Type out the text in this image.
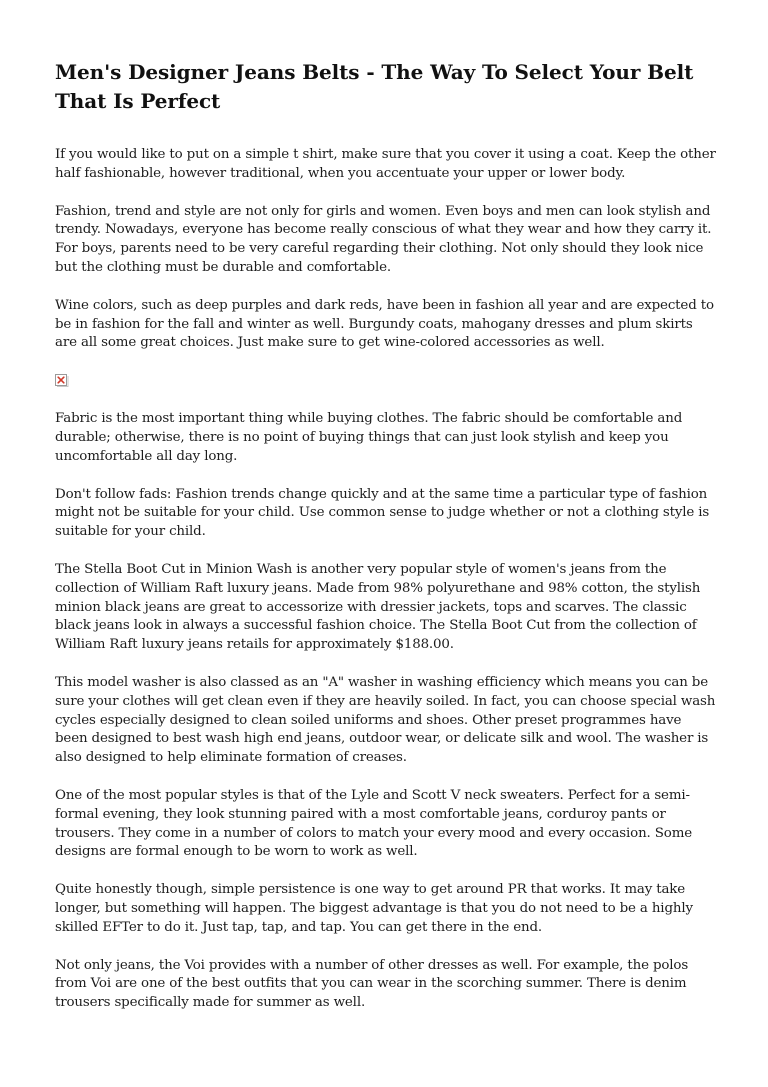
Men's Designer Jeans Belts - The Way To Select Your Belt That Is Perfect

If you would like to put on a simple t shirt, make sure that you cover it using a coat. Keep the other half fashionable, however traditional, when you accentuate your upper or lower body.

Fashion, trend and style are not only for girls and women. Even boys and men can look stylish and trendy. Nowadays, everyone has become really conscious of what they wear and how they carry it. For boys, parents need to be very careful regarding their clothing. Not only should they look nice but the clothing must be durable and comfortable.

Wine colors, such as deep purples and dark reds, have been in fashion all year and are expected to be in fashion for the fall and winter as well. Burgundy coats, mahogany dresses and plum skirts are all some great choices. Just make sure to get wine-colored accessories as well.

Fabric is the most important thing while buying clothes. The fabric should be comfortable and durable; otherwise, there is no point of buying things that can just look stylish and keep you uncomfortable all day long.

Don't follow fads: Fashion trends change quickly and at the same time a particular type of fashion might not be suitable for your child. Use common sense to judge whether or not a clothing style is suitable for your child.

The Stella Boot Cut in Minion Wash is another very popular style of women's jeans from the collection of William Raft luxury jeans. Made from 98% polyurethane and 98% cotton, the stylish minion black jeans are great to accessorize with dressier jackets, tops and scarves. The classic black jeans look in always a successful fashion choice. The Stella Boot Cut from the collection of William Raft luxury jeans retails for approximately $188.00.

This model washer is also classed as an "A" washer in washing efficiency which means you can be sure your clothes will get clean even if they are heavily soiled. In fact, you can choose special wash cycles especially designed to clean soiled uniforms and shoes. Other preset programmes have been designed to best wash high end jeans, outdoor wear, or delicate silk and wool. The washer is also designed to help eliminate formation of creases.

One of the most popular styles is that of the Lyle and Scott V neck sweaters. Perfect for a semi-formal evening, they look stunning paired with a most comfortable jeans, corduroy pants or trousers. They come in a number of colors to match your every mood and every occasion. Some designs are formal enough to be worn to work as well.

Quite honestly though, simple persistence is one way to get around PR that works. It may take longer, but something will happen. The biggest advantage is that you do not need to be a highly skilled EFTer to do it. Just tap, tap, and tap. You can get there in the end.

Not only jeans, the Voi provides with a number of other dresses as well. For example, the polos from Voi are one of the best outfits that you can wear in the scorching summer. There is denim trousers specifically made for summer as well.
